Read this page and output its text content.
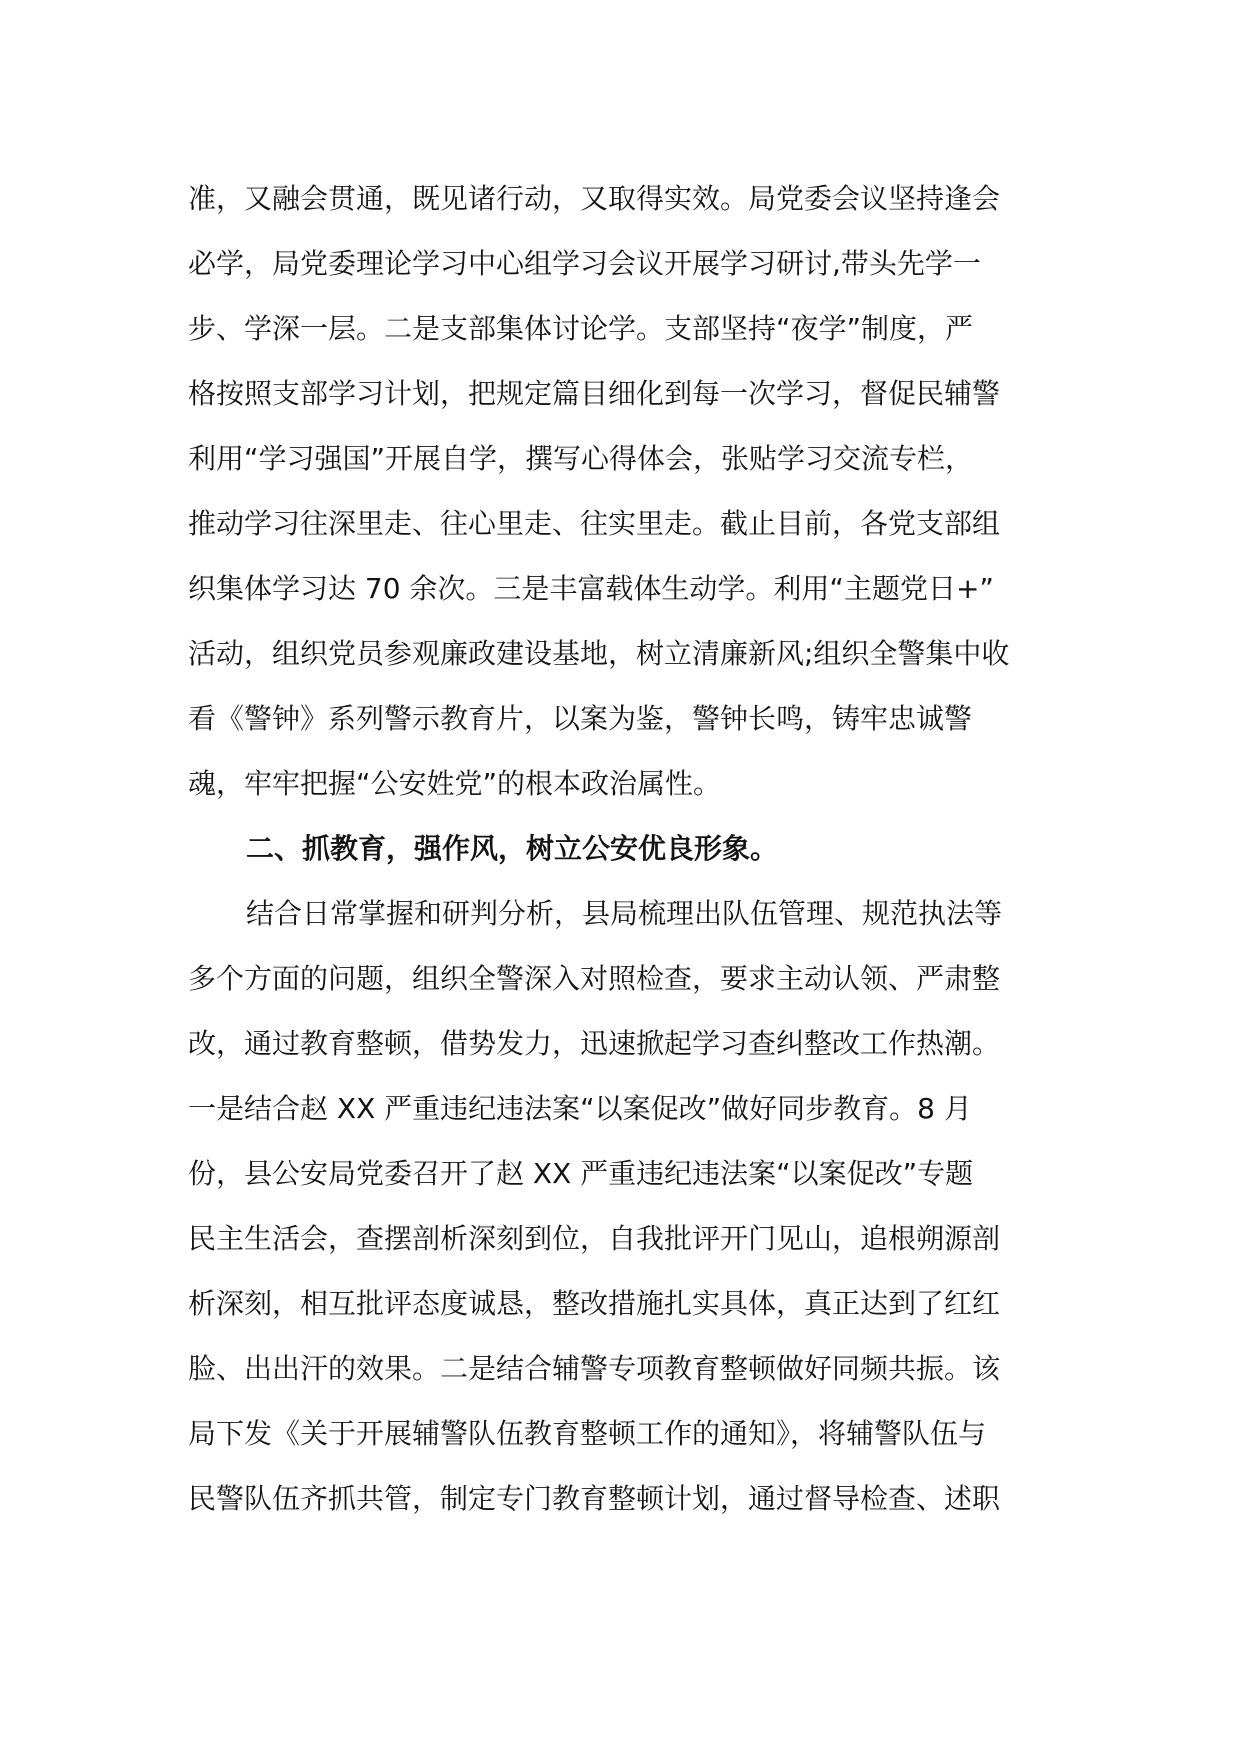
准，又融会贯通，既见诸行动，又取得实效。局党委会议坚持逢会
必学，局党委理论学习中心组学习会议开展学习研讨,带头先学一
步、学深一层。二是支部集体讨论学。支部坚持“夜学”制度，严
格按照支部学习计划，把规定篇目细化到每一次学习，督促民辅警
利用“学习强国”开展自学，撰写心得体会，张贴学习交流专栏，
推动学习往深里走、往心里走、往实里走。截止目前，各党支部组
织集体学习达 70 余次。三是丰富载体生动学。利用“主题党日+”
活动，组织党员参观廉政建设基地，树立清廉新风;组织全警集中收
看《警钟》系列警示教育片，以案为鉴，警钟长鸣，铸牢忠诚警
魂，牢牢把握“公安姓党”的根本政治属性。
二、抓教育，强作风，树立公安优良形象。
结合日常掌握和研判分析，县局梳理出队伍管理、规范执法等
多个方面的问题，组织全警深入对照检查，要求主动认领、严肃整
改，通过教育整顿，借势发力，迅速掀起学习查纠整改工作热潮。
一是结合赵 XX 严重违纪违法案“以案促改”做好同步教育。8 月
份，县公安局党委召开了赵 XX 严重违纪违法案“以案促改”专题
民主生活会，查摆剖析深刻到位，自我批评开门见山，追根朔源剖
析深刻，相互批评态度诚恳，整改措施扎实具体，真正达到了红红
脸、出出汗的效果。二是结合辅警专项教育整顿做好同频共振。该
局下发《关于开展辅警队伍教育整顿工作的通知》，将辅警队伍与
民警队伍齐抓共管，制定专门教育整顿计划，通过督导检查、述职
